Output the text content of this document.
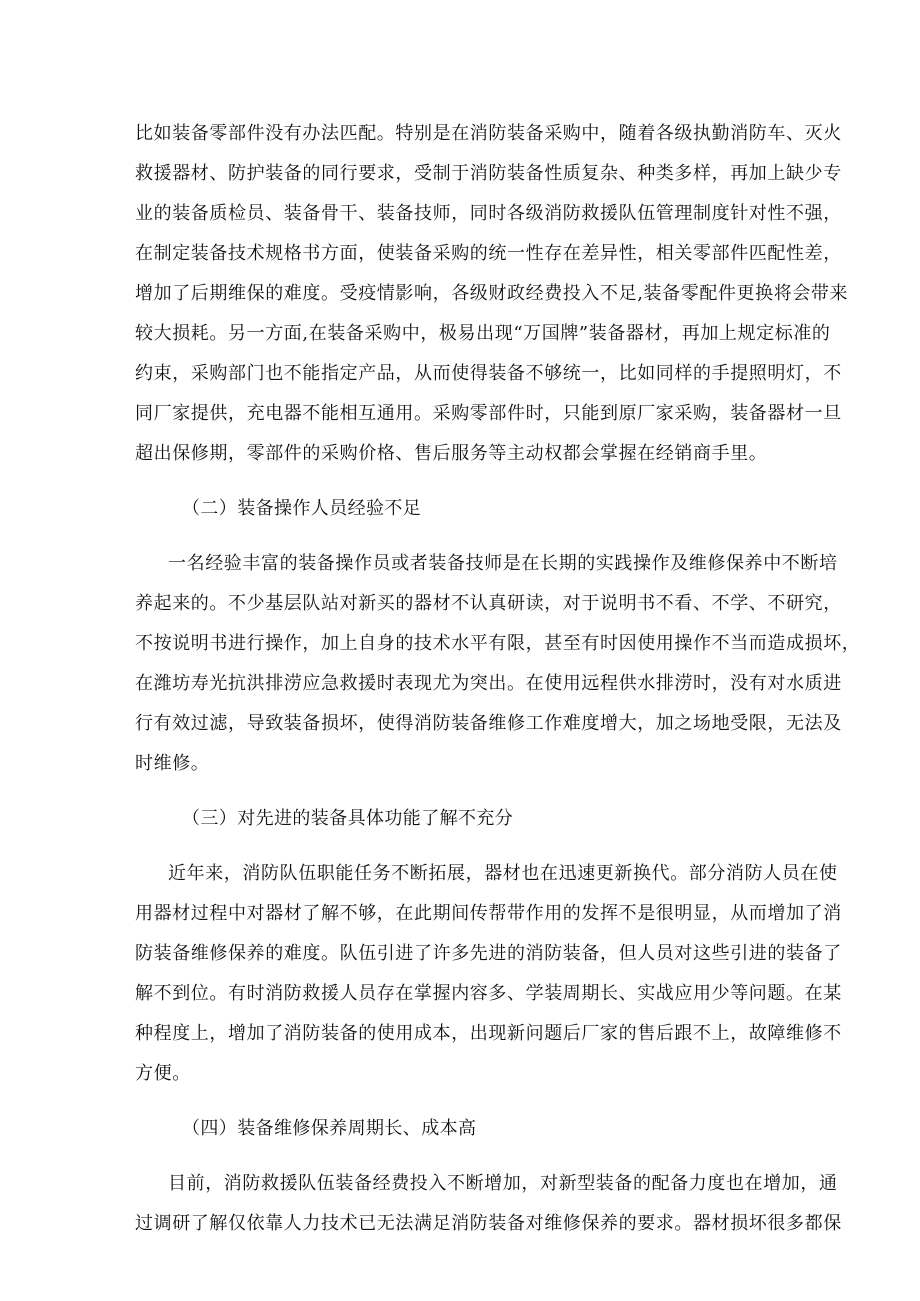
比如装备零部件没有办法匹配。特别是在消防装备采购中，随着各级执勤消防车、灭火
救援器材、防护装备的同行要求，受制于消防装备性质复杂、种类多样，再加上缺少专
业的装备质检员、装备骨干、装备技师，同时各级消防救援队伍管理制度针对性不强，
在制定装备技术规格书方面，使装备采购的统一性存在差异性，相关零部件匹配性差，
增加了后期维保的难度。受疫情影响，各级财政经费投入不足,装备零配件更换将会带来
较大损耗。另一方面,在装备采购中，极易出现“万国牌”装备器材，再加上规定标准的
约束，采购部门也不能指定产品，从而使得装备不够统一，比如同样的手提照明灯，不
同厂家提供，充电器不能相互通用。采购零部件时，只能到原厂家采购，装备器材一旦
超出保修期，零部件的采购价格、售后服务等主动权都会掌握在经销商手里。
（二）装备操作人员经验不足
一名经验丰富的装备操作员或者装备技师是在长期的实践操作及维修保养中不断培
养起来的。不少基层队站对新买的器材不认真研读，对于说明书不看、不学、不研究，
不按说明书进行操作，加上自身的技术水平有限，甚至有时因使用操作不当而造成损坏，
在潍坊寿光抗洪排涝应急救援时表现尤为突出。在使用远程供水排涝时，没有对水质进
行有效过滤，导致装备损坏，使得消防装备维修工作难度增大，加之场地受限，无法及
时维修。
（三）对先进的装备具体功能了解不充分
近年来，消防队伍职能任务不断拓展，器材也在迅速更新换代。部分消防人员在使
用器材过程中对器材了解不够，在此期间传帮带作用的发挥不是很明显，从而增加了消
防装备维修保养的难度。队伍引进了许多先进的消防装备，但人员对这些引进的装备了
解不到位。有时消防救援人员存在掌握内容多、学装周期长、实战应用少等问题。在某
种程度上，增加了消防装备的使用成本，出现新问题后厂家的售后跟不上，故障维修不
方便。
（四）装备维修保养周期长、成本高
目前，消防救援队伍装备经费投入不断增加，对新型装备的配备力度也在增加，通
过调研了解仅依靠人力技术已无法满足消防装备对维修保养的要求。器材损坏很多都保
